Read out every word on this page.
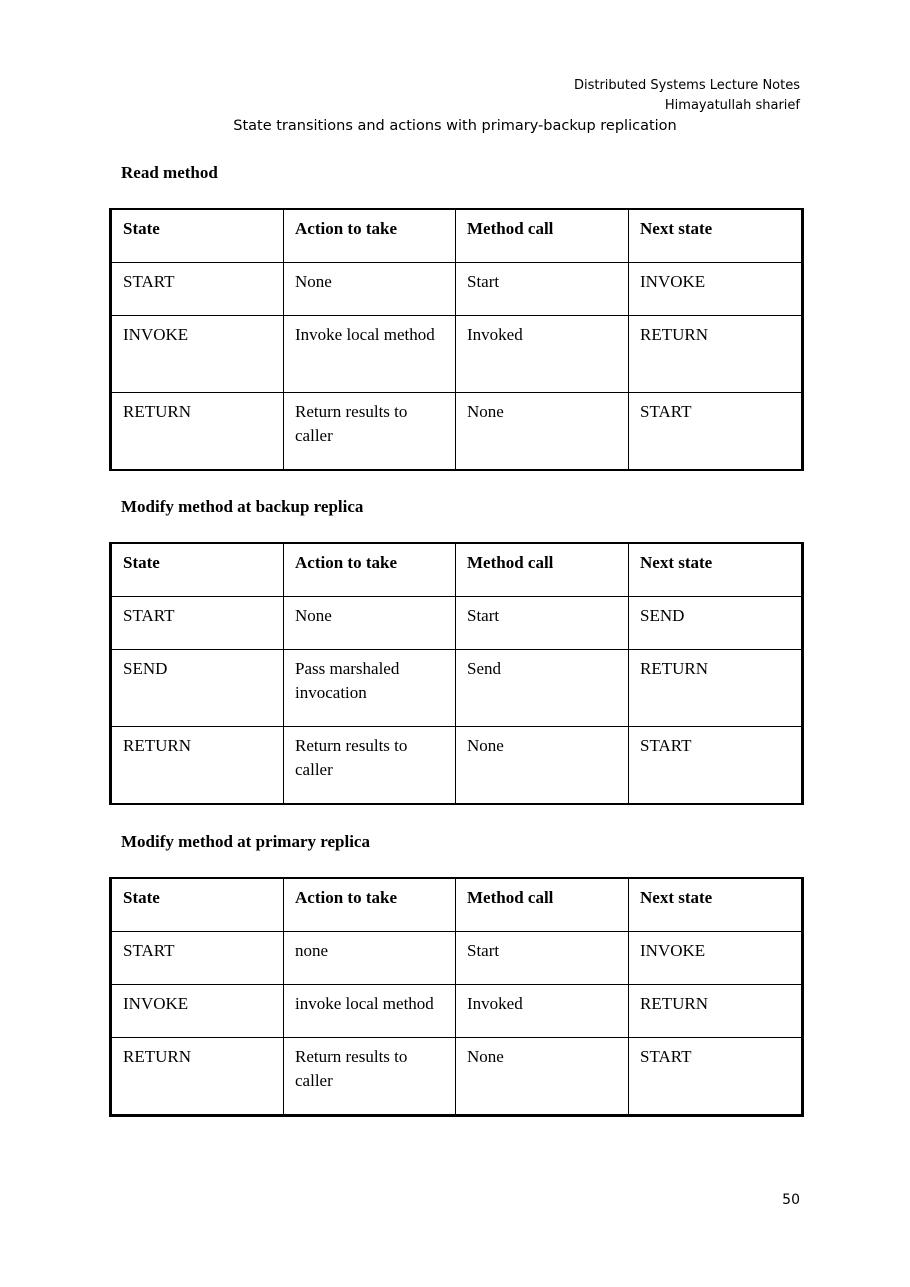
Distributed Systems Lecture Notes
Himayatullah sharief
State transitions and actions with primary-backup replication
Read method
State	Action to take	Method call	Next state
START	None	Start	INVOKE
INVOKE	Invoke local method	Invoked	RETURN
RETURN	Return results to caller	None	START
Modify method at backup replica
State	Action to take	Method call	Next state
START	None	Start	SEND
SEND	Pass marshaled invocation	Send	RETURN
RETURN	Return results to caller	None	START
Modify method at primary replica
State	Action to take	Method call	Next state
START	none	Start	INVOKE
INVOKE	invoke local method	Invoked	RETURN
RETURN	Return results to caller	None	START
50
